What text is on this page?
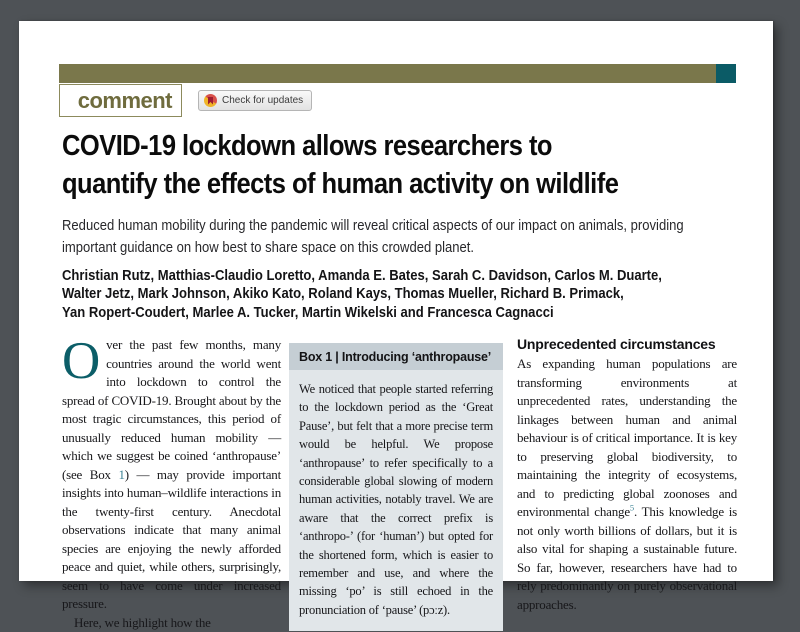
comment	Check for updates
COVID-19 lockdown allows researchers to
quantify the effects of human activity on wildlife

Reduced human mobility during the pandemic will reveal critical aspects of our impact on animals, providing
important guidance on how best to share space on this crowded planet.

Christian Rutz, Matthias-Claudio Loretto, Amanda E. Bates, Sarah C. Davidson, Carlos M. Duarte,
Walter Jetz, Mark Johnson, Akiko Kato, Roland Kays, Thomas Mueller, Richard B. Primack,
Yan Ropert-Coudert, Marlee A. Tucker, Martin Wikelski and Francesca Cagnacci

Over the past few months, many countries around the world went into lockdown to control the spread of COVID-19. Brought about by the most tragic circumstances, this period of unusually reduced human mobility — which we suggest be coined ‘anthropause’ (see Box 1) — may provide important insights into human–wildlife interactions in the twenty-first century. Anecdotal observations indicate that many animal species are enjoying the newly afforded peace and quiet, while others, surprisingly, seem to have come under increased pressure.

Here, we highlight how the

Box 1 | Introducing ‘anthropause’

We noticed that people started referring to the lockdown period as the ‘Great Pause’, but felt that a more precise term would be helpful. We propose ‘anthropause’ to refer specifically to a considerable global slowing of modern human activities, notably travel. We are aware that the correct prefix is ‘anthropo-’ (for ‘human’) but opted for the shortened form, which is easier to remember and use, and where the missing ‘po’ is still echoed in the pronunciation of ‘pause’ (pɔːz).

Unprecedented circumstances

As expanding human populations are transforming environments at unprecedented rates, understanding the linkages between human and animal behaviour is of critical importance. It is key to preserving global biodiversity, to maintaining the integrity of ecosystems, and to predicting global zoonoses and environmental change$^5$. This knowledge is not only worth billions of dollars, but it is also vital for shaping a sustainable future. So far, however, researchers have had to rely predominantly on purely observational approaches.
